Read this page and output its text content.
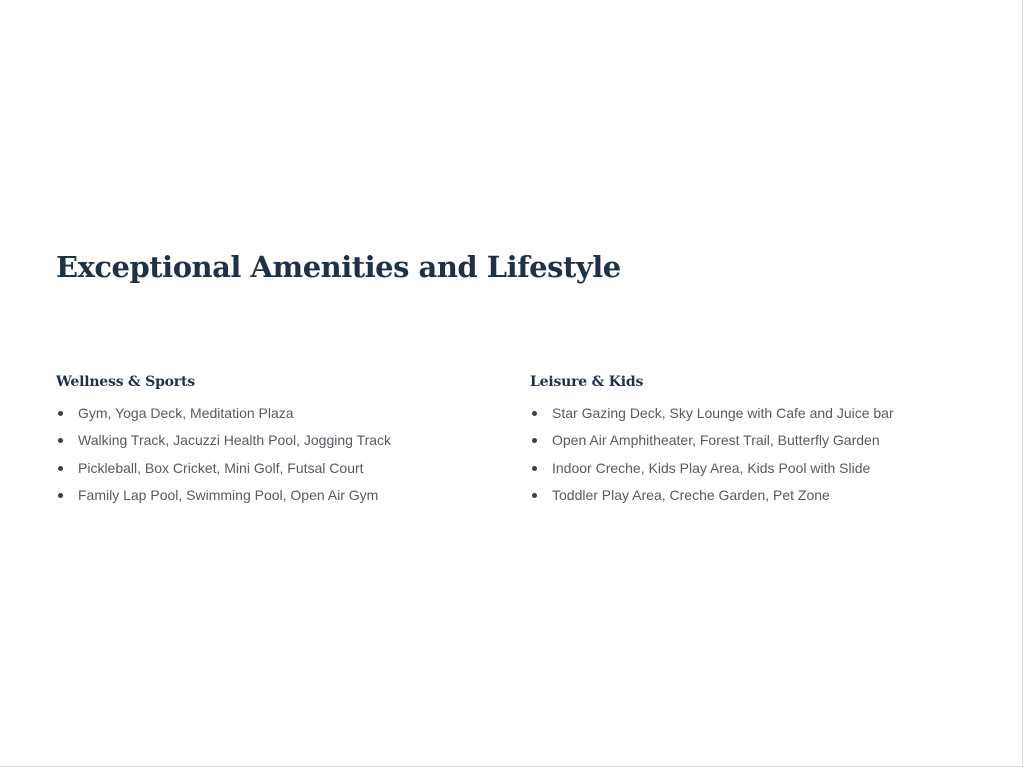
Exceptional Amenities and Lifestyle
Wellness & Sports
Gym, Yoga Deck, Meditation Plaza
Walking Track, Jacuzzi Health Pool, Jogging Track
Pickleball, Box Cricket, Mini Golf, Futsal Court
Family Lap Pool, Swimming Pool, Open Air Gym
Leisure & Kids
Star Gazing Deck, Sky Lounge with Cafe and Juice bar
Open Air Amphitheater, Forest Trail, Butterfly Garden
Indoor Creche, Kids Play Area, Kids Pool with Slide
Toddler Play Area, Creche Garden, Pet Zone
